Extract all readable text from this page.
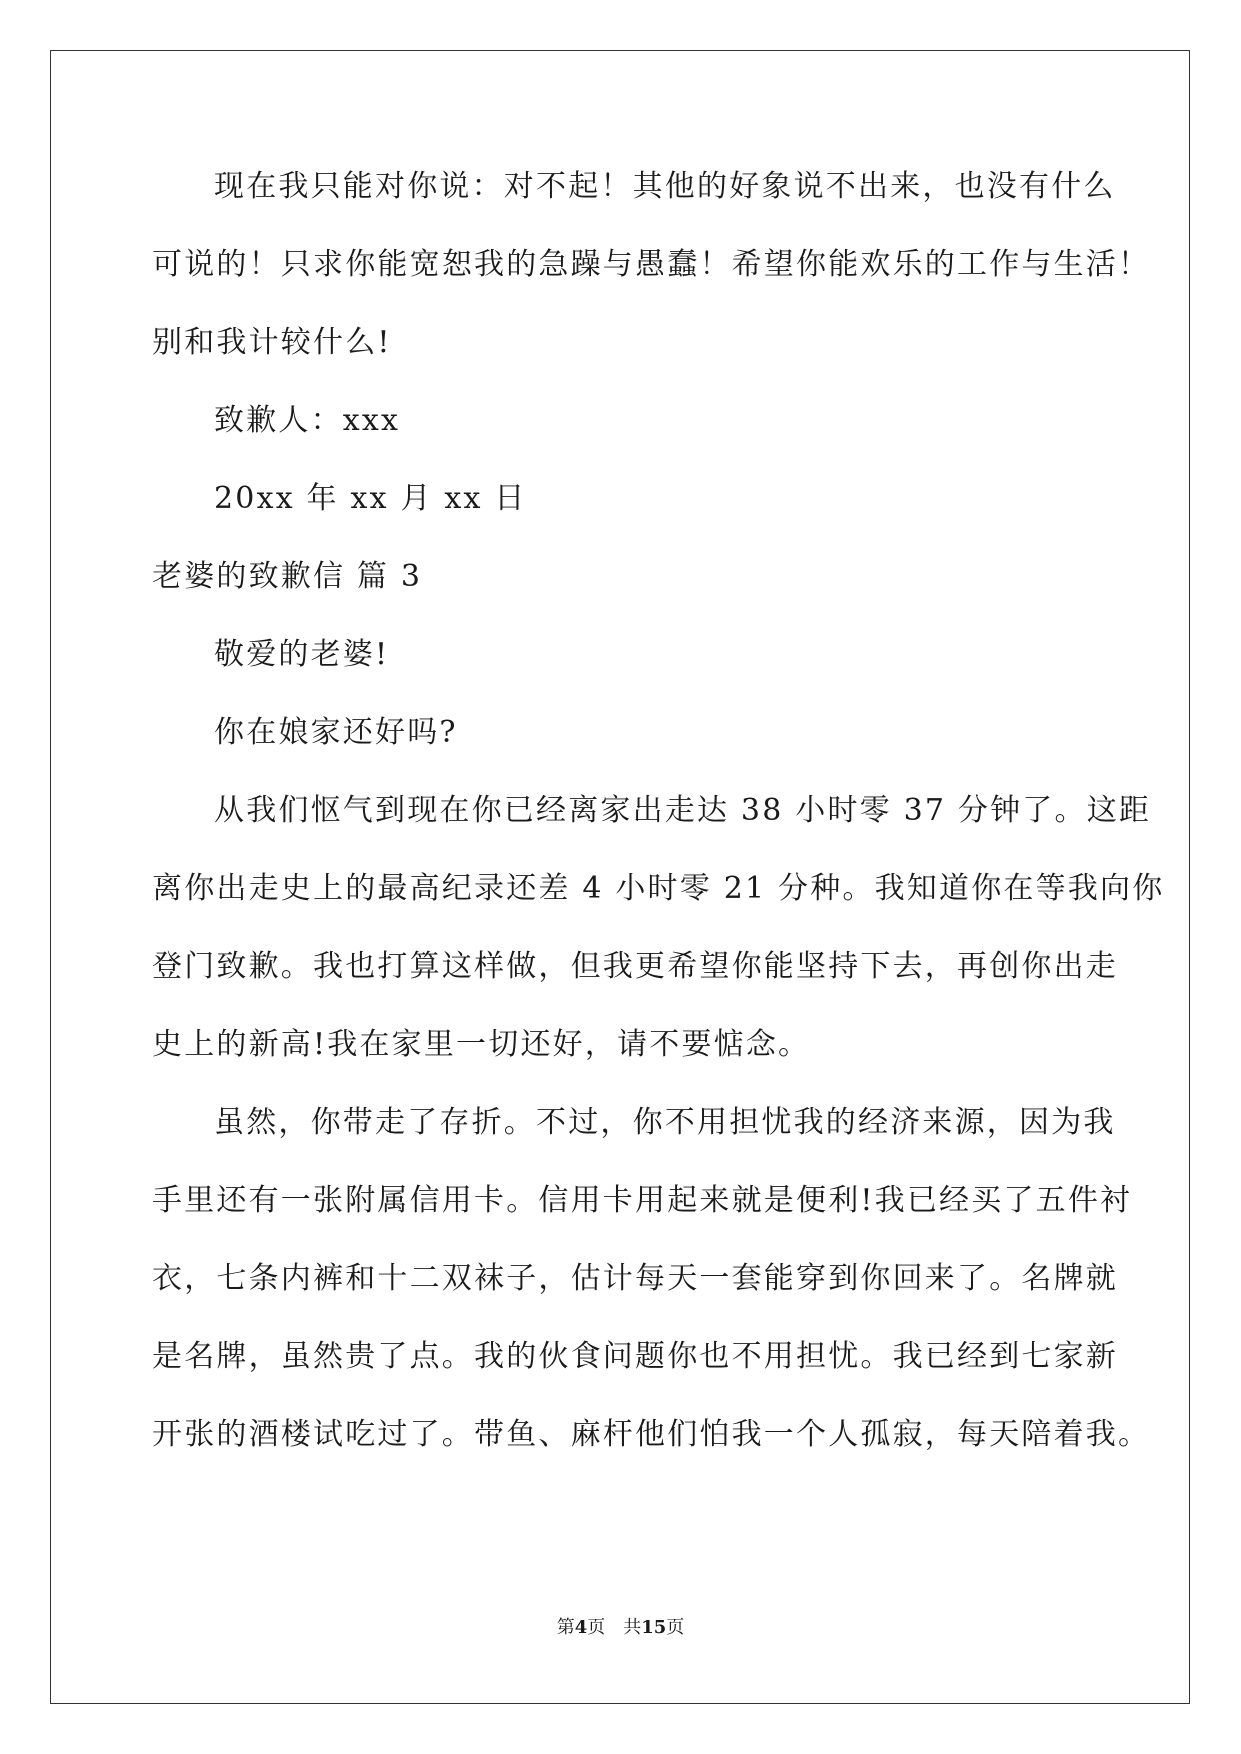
现在我只能对你说：对不起！其他的好象说不出来，也没有什么
可说的！只求你能宽恕我的急躁与愚蠢！希望你能欢乐的工作与生活！
别和我计较什么!
致歉人：xxx
20xx 年 xx 月 xx 日
老婆的致歉信 篇 3
敬爱的老婆!
你在娘家还好吗?
从我们怄气到现在你已经离家出走达 38 小时零 37 分钟了。这距
离你出走史上的最高纪录还差 4 小时零 21 分种。我知道你在等我向你
登门致歉。我也打算这样做，但我更希望你能坚持下去，再创你出走
史上的新高!我在家里一切还好，请不要惦念。
虽然，你带走了存折。不过，你不用担忧我的经济来源，因为我
手里还有一张附属信用卡。信用卡用起来就是便利!我已经买了五件衬
衣，七条内裤和十二双袜子，估计每天一套能穿到你回来了。名牌就
是名牌，虽然贵了点。我的伙食问题你也不用担忧。我已经到七家新
开张的酒楼试吃过了。带鱼、麻杆他们怕我一个人孤寂，每天陪着我。
第4页 共15页
